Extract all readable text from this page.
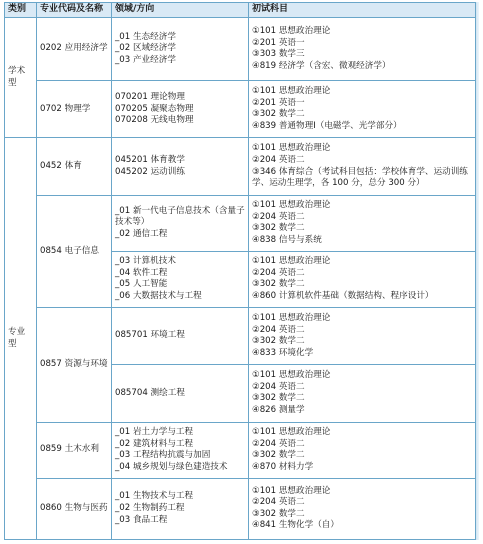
类别	专业代码及名称	领域/方向	初试科目
学术型	0202 应用经济学	_01 生态经济学
_02 区域经济学
_03 产业经济学	①101 思想政治理论
②201 英语一
③303 数学三
④819 经济学（含宏、微观经济学）

	0702 物理学	070201 理论物理
070205 凝聚态物理
070208 无线电物理	①101 思想政治理论
②201 英语一
③302 数学二
④839 普通物理Ⅰ（电磁学、光学部分）

专业型	0452 体育	045201 体育教学
045202 运动训练	①101 思想政治理论
②204 英语二
③346 体育综合（考试科目包括：学校体育学、运动训练学、运动生理学，各 100 分，总分 300 分）

	0854 电子信息	_01 新一代电子信息技术（含量子技术等）
_02 通信工程	①101 思想政治理论
②204 英语二
③302 数学二
④838 信号与系统

		_03 计算机技术
_04 软件工程
_05 人工智能
_06 大数据技术与工程	①101 思想政治理论
②204 英语二
③302 数学二
④860 计算机软件基础（数据结构、程序设计）

	0857 资源与环境	085701 环境工程	①101 思想政治理论
②204 英语二
③302 数学二
④833 环境化学

		085704 测绘工程	①101 思想政治理论
②204 英语二
③302 数学二
④826 测量学

	0859 土木水利	_01 岩土力学与工程
_02 建筑材料与工程
_03 工程结构抗震与加固
_04 城乡规划与绿色建造技术	①101 思想政治理论
②204 英语二
③302 数学二
④870 材料力学

	0860 生物与医药	_01 生物技术与工程
_02 生物制药工程
_03 食品工程	①101 思想政治理论
②204 英语二
③302 数学二
④841 生物化学（自）
